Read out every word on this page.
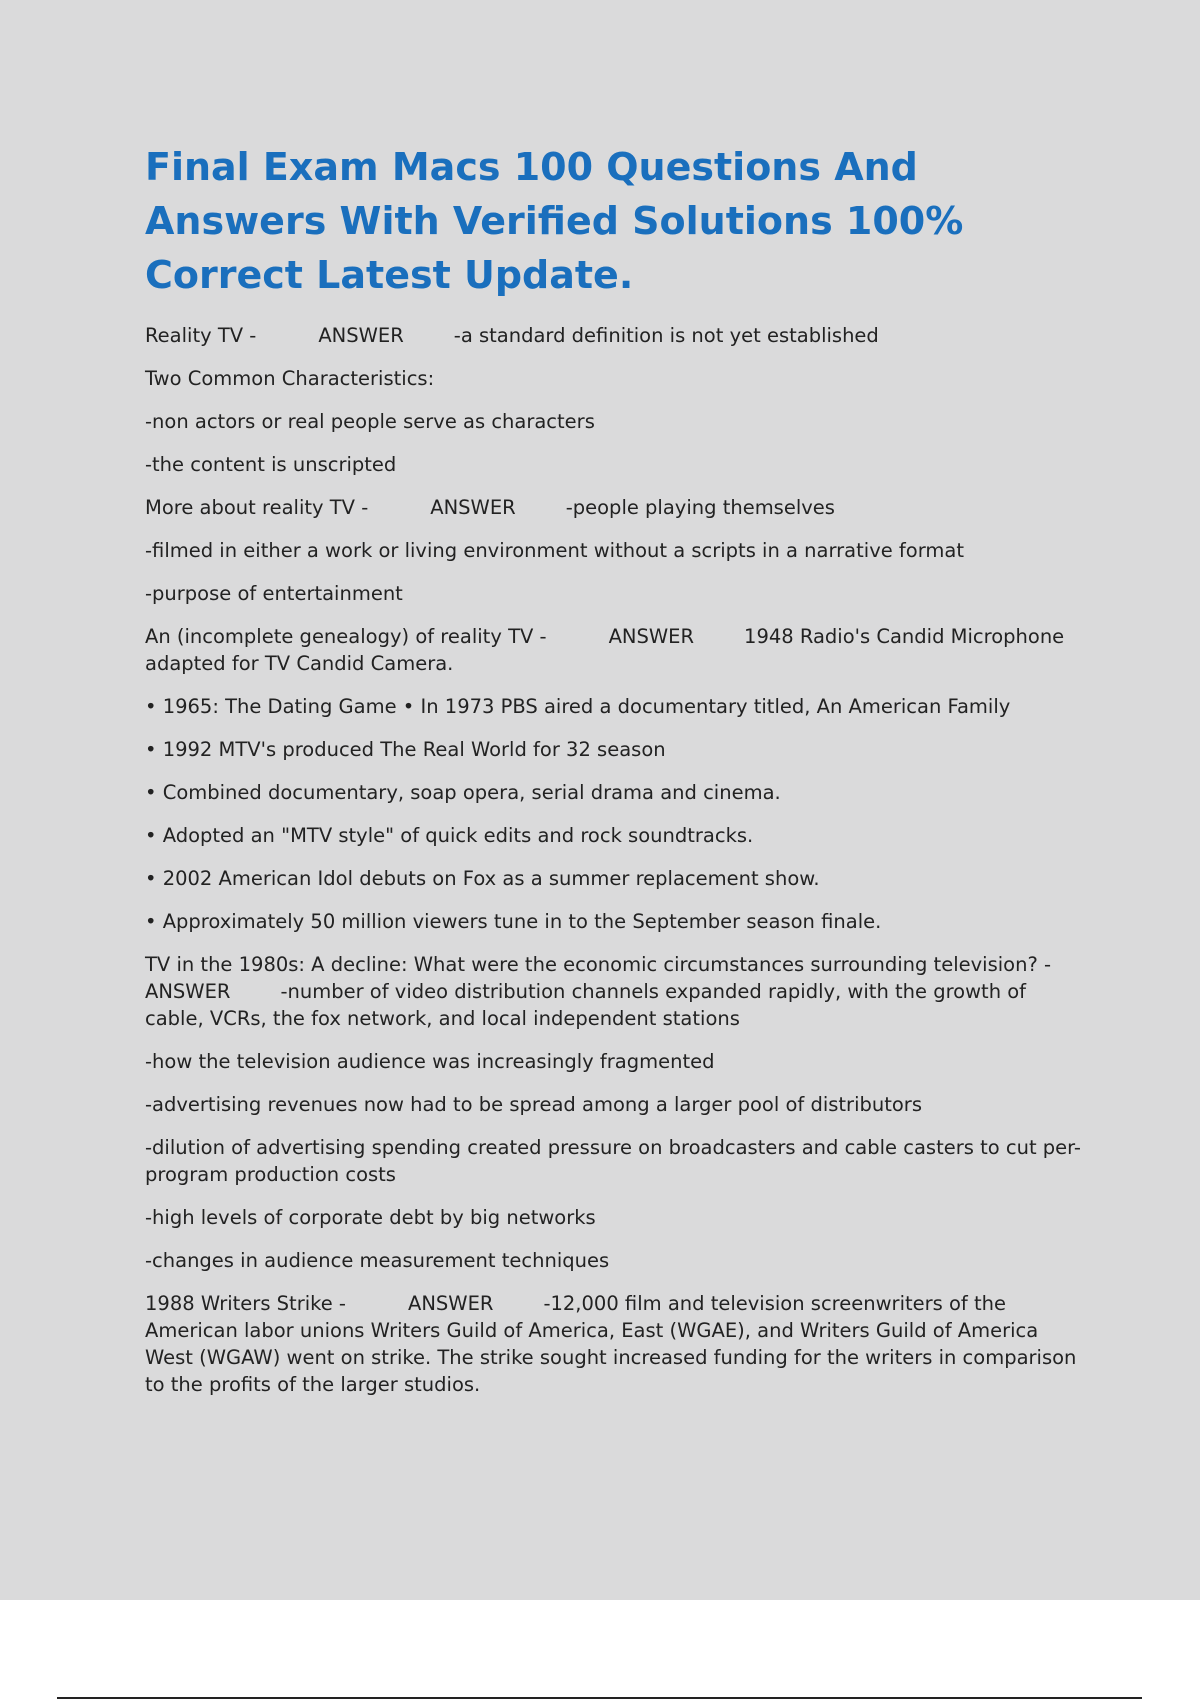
Final Exam Macs 100 Questions And Answers With Verified Solutions 100% Correct Latest Update.

Reality TV -	ANSWER	-a standard definition is not yet established

Two Common Characteristics:

-non actors or real people serve as characters

-the content is unscripted

More about reality TV -	ANSWER	-people playing themselves

-filmed in either a work or living environment without a scripts in a narrative format

-purpose of entertainment

An (incomplete genealogy) of reality TV -	ANSWER	1948 Radio's Candid Microphone adapted for TV Candid Camera.

• 1965: The Dating Game • In 1973 PBS aired a documentary titled, An American Family

• 1992 MTV's produced The Real World for 32 season

• Combined documentary, soap opera, serial drama and cinema.

• Adopted an "MTV style" of quick edits and rock soundtracks.

• 2002 American Idol debuts on Fox as a summer replacement show.

• Approximately 50 million viewers tune in to the September season finale.

TV in the 1980s: A decline: What were the economic circumstances surrounding television? -
ANSWER	-number of video distribution channels expanded rapidly, with the growth of cable, VCRs, the fox network, and local independent stations

-how the television audience was increasingly fragmented

-advertising revenues now had to be spread among a larger pool of distributors

-dilution of advertising spending created pressure on broadcasters and cable casters to cut per-program production costs

-high levels of corporate debt by big networks

-changes in audience measurement techniques

1988 Writers Strike -	ANSWER	-12,000 film and television screenwriters of the American labor unions Writers Guild of America, East (WGAE), and Writers Guild of America West (WGAW) went on strike. The strike sought increased funding for the writers in comparison to the profits of the larger studios.
